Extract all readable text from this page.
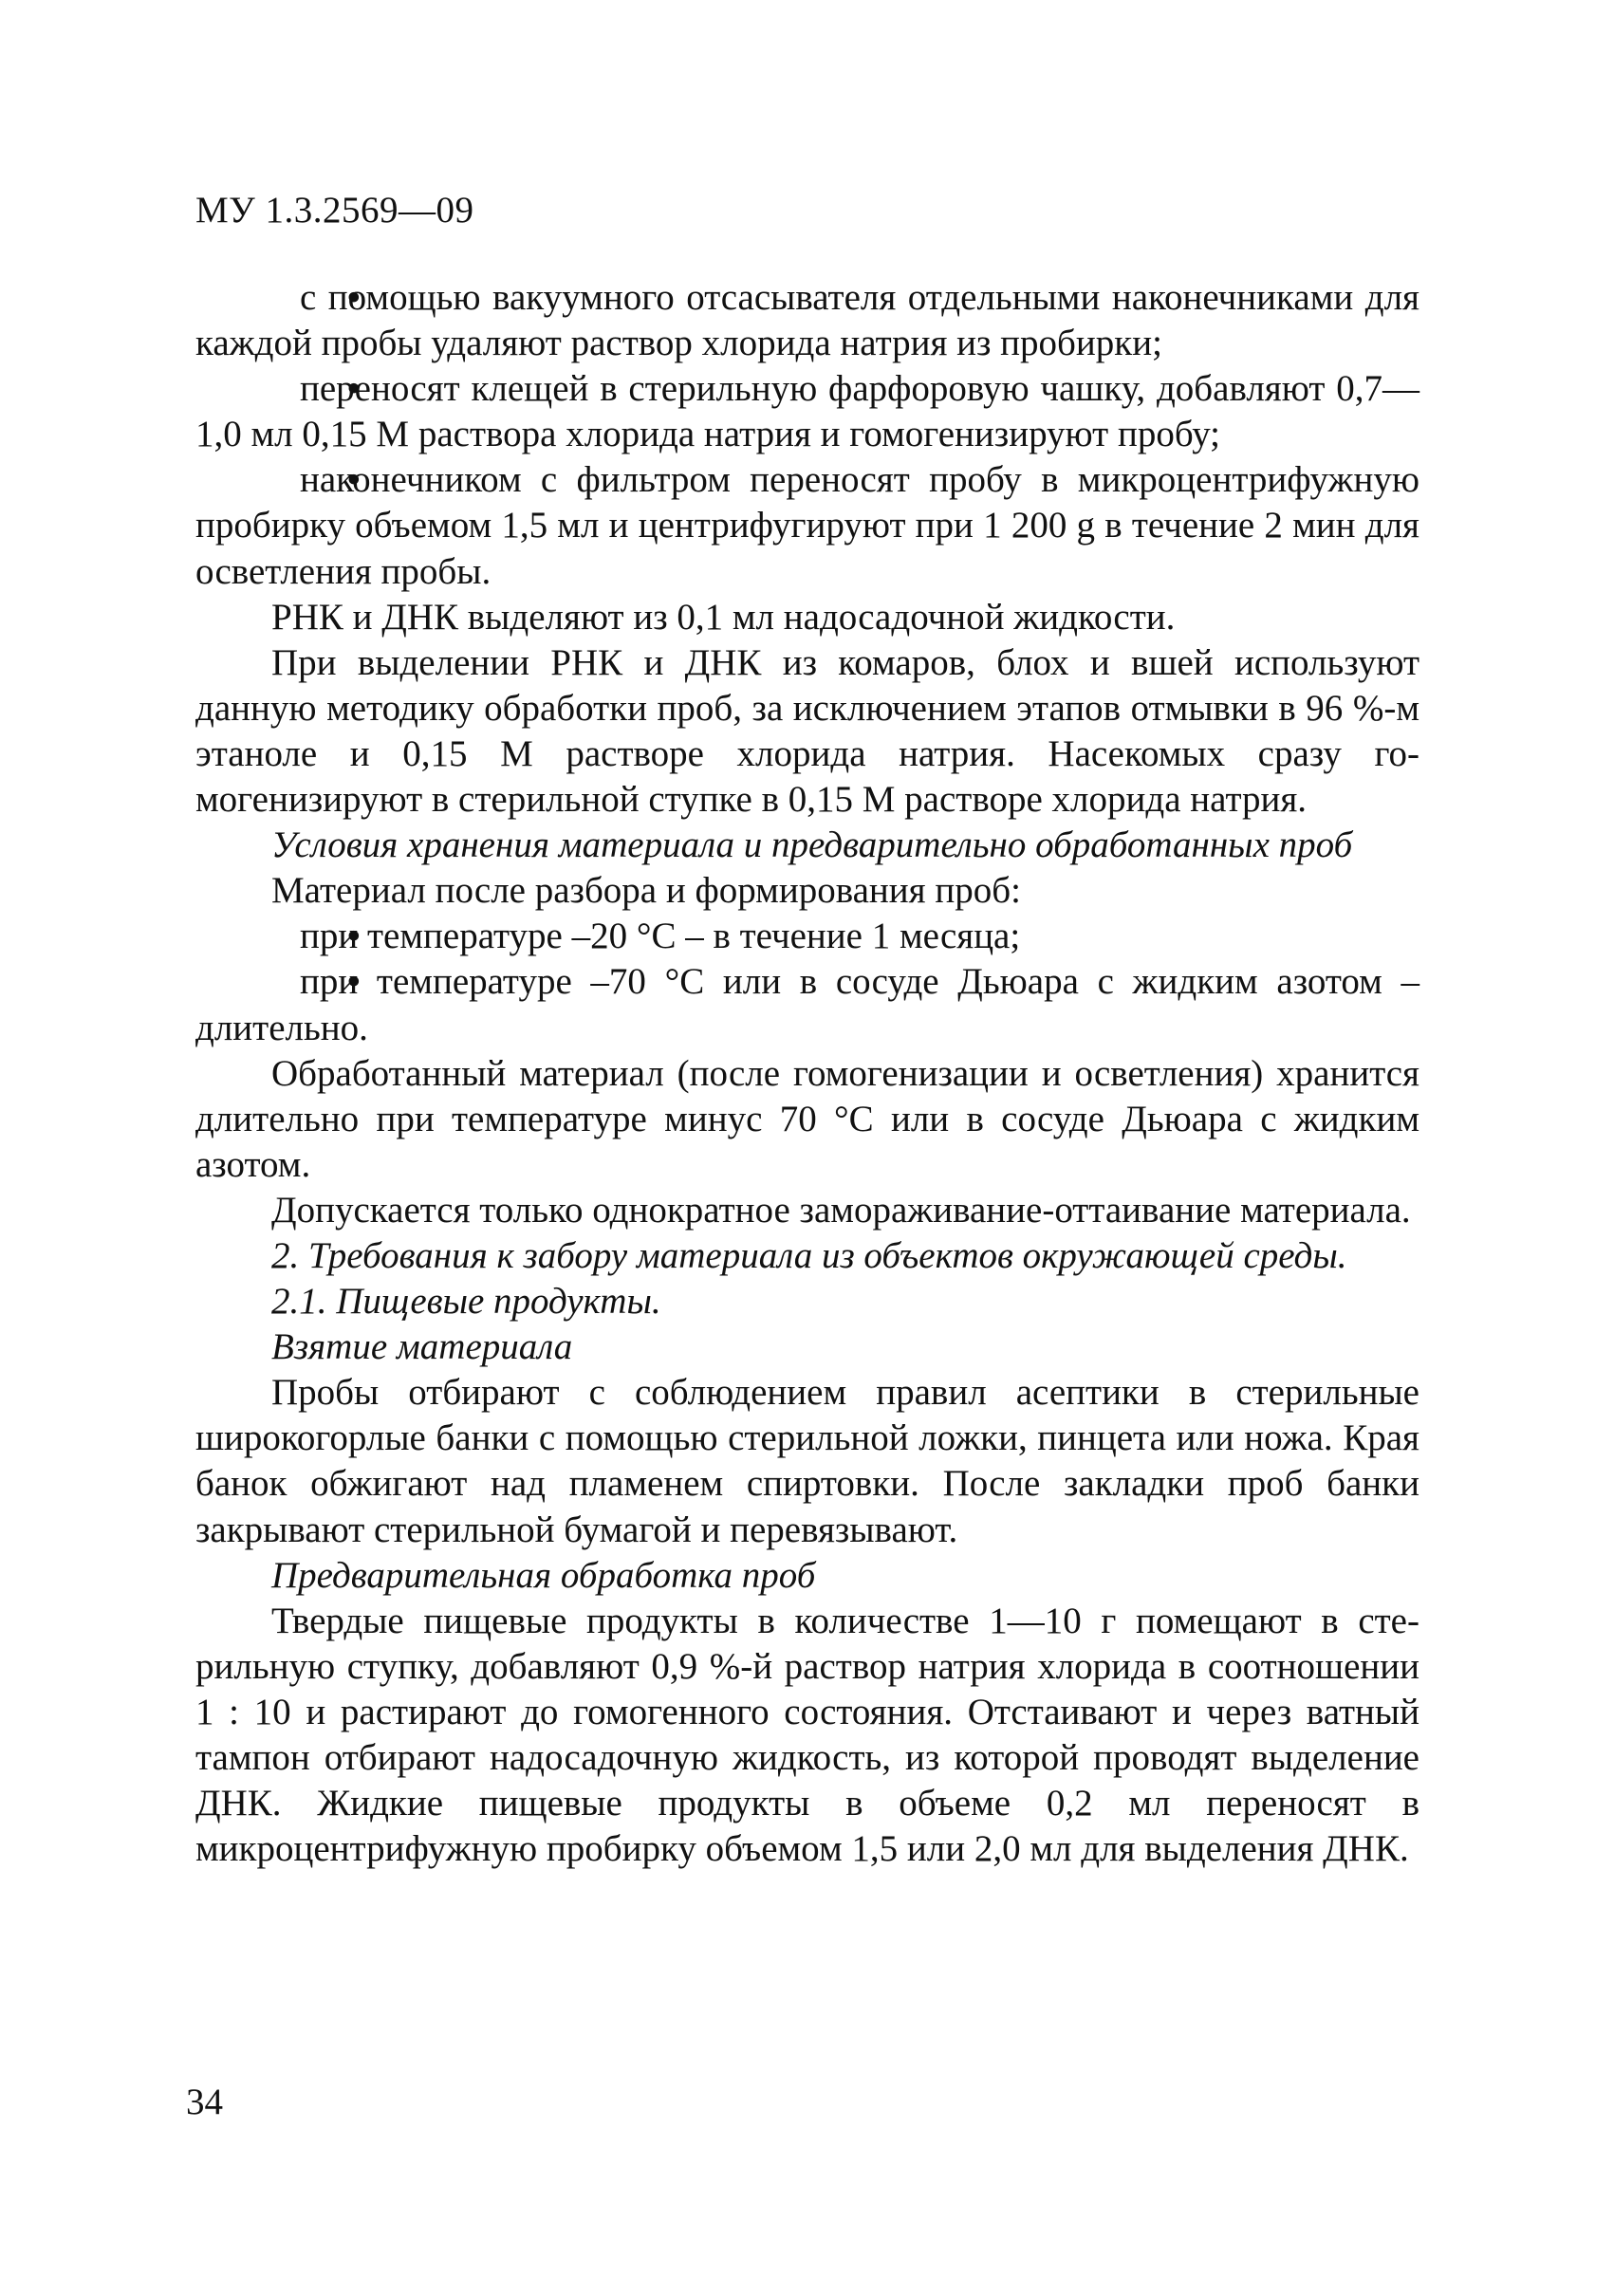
МУ 1.3.2569—09

• с помощью вакуумного отсасывателя отдельными наконечниками для каждой пробы удаляют раствор хлорида натрия из пробирки;

• переносят клещей в стерильную фарфоровую чашку, добавляют 0,7—1,0 мл 0,15 М раствора хлорида натрия и гомогенизируют пробу;

• наконечником с фильтром переносят пробу в микроцентрифужную пробирку объемом 1,5 мл и центрифугируют при 1 200 g в течение 2 мин для осветления пробы.

РНК и ДНК выделяют из 0,1 мл надосадочной жидкости.

При выделении РНК и ДНК из комаров, блох и вшей используют данную методику обработки проб, за исключением этапов отмывки в 96 %-м этаноле и 0,15 М растворе хлорида натрия. Насекомых сразу гомогенизируют в стерильной ступке в 0,15 М растворе хлорида натрия.

Условия хранения материала и предварительно обработанных проб

Материал после разбора и формирования проб:

• при температуре –20 °С – в течение 1 месяца;

• при температуре –70 °С или в сосуде Дьюара с жидким азотом – длительно.

Обработанный материал (после гомогенизации и осветления) хранится длительно при температуре минус 70 °С или в сосуде Дьюара с жидким азотом.

Допускается только однократное замораживание-оттаивание материала.

2. Требования к забору материала из объектов окружающей среды.

2.1. Пищевые продукты.

Взятие материала

Пробы отбирают с соблюдением правил асептики в стерильные широкогорлые банки с помощью стерильной ложки, пинцета или ножа. Края банок обжигают над пламенем спиртовки. После закладки проб банки закрывают стерильной бумагой и перевязывают.

Предварительная обработка проб

Твердые пищевые продукты в количестве 1—10 г помещают в стерильную ступку, добавляют 0,9 %-й раствор натрия хлорида в соотношении 1 : 10 и растирают до гомогенного состояния. Отстаивают и через ватный тампон отбирают надосадочную жидкость, из которой проводят выделение ДНК. Жидкие пищевые продукты в объеме 0,2 мл переносят в микроцентрифужную пробирку объемом 1,5 или 2,0 мл для выделения ДНК.

34
